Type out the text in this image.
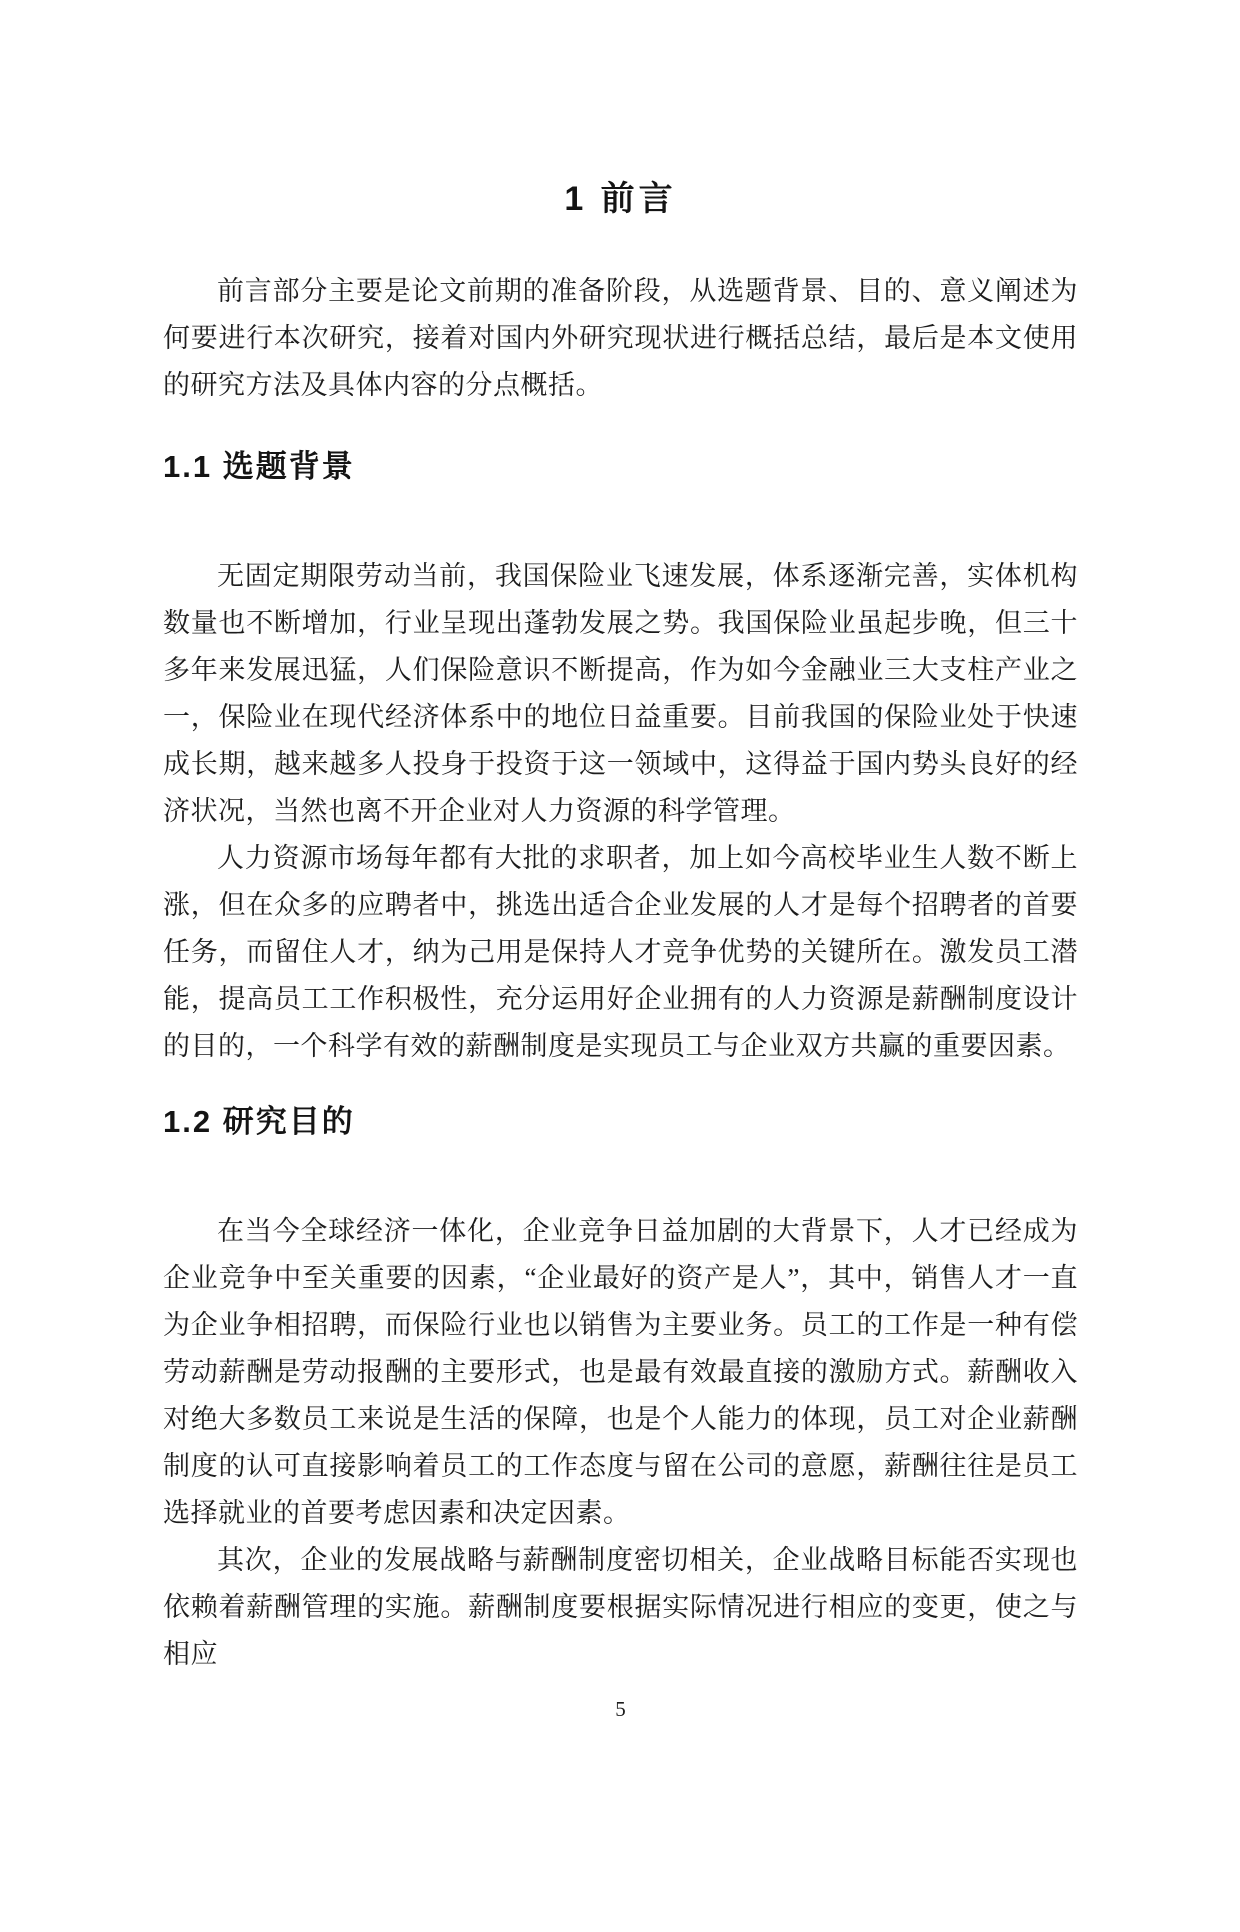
1 前言

前言部分主要是论文前期的准备阶段，从选题背景、目的、意义阐述为何要进行本次研究，接着对国内外研究现状进行概括总结，最后是本文使用的研究方法及具体内容的分点概括。

1.1 选题背景

无固定期限劳动当前，我国保险业飞速发展，体系逐渐完善，实体机构数量也不断增加，行业呈现出蓬勃发展之势。我国保险业虽起步晚，但三十多年来发展迅猛，人们保险意识不断提高，作为如今金融业三大支柱产业之一，保险业在现代经济体系中的地位日益重要。目前我国的保险业处于快速成长期，越来越多人投身于投资于这一领域中，这得益于国内势头良好的经济状况，当然也离不开企业对人力资源的科学管理。

人力资源市场每年都有大批的求职者，加上如今高校毕业生人数不断上涨，但在众多的应聘者中，挑选出适合企业发展的人才是每个招聘者的首要任务，而留住人才，纳为己用是保持人才竞争优势的关键所在。激发员工潜能，提高员工工作积极性，充分运用好企业拥有的人力资源是薪酬制度设计的目的，一个科学有效的薪酬制度是实现员工与企业双方共赢的重要因素。

1.2 研究目的

在当今全球经济一体化，企业竞争日益加剧的大背景下，人才已经成为企业竞争中至关重要的因素，“企业最好的资产是人”，其中，销售人才一直为企业争相招聘，而保险行业也以销售为主要业务。员工的工作是一种有偿劳动薪酬是劳动报酬的主要形式，也是最有效最直接的激励方式。薪酬收入对绝大多数员工来说是生活的保障，也是个人能力的体现，员工对企业薪酬制度的认可直接影响着员工的工作态度与留在公司的意愿，薪酬往往是员工选择就业的首要考虑因素和决定因素。

其次，企业的发展战略与薪酬制度密切相关，企业战略目标能否实现也依赖着薪酬管理的实施。薪酬制度要根据实际情况进行相应的变更，使之与相应

5
